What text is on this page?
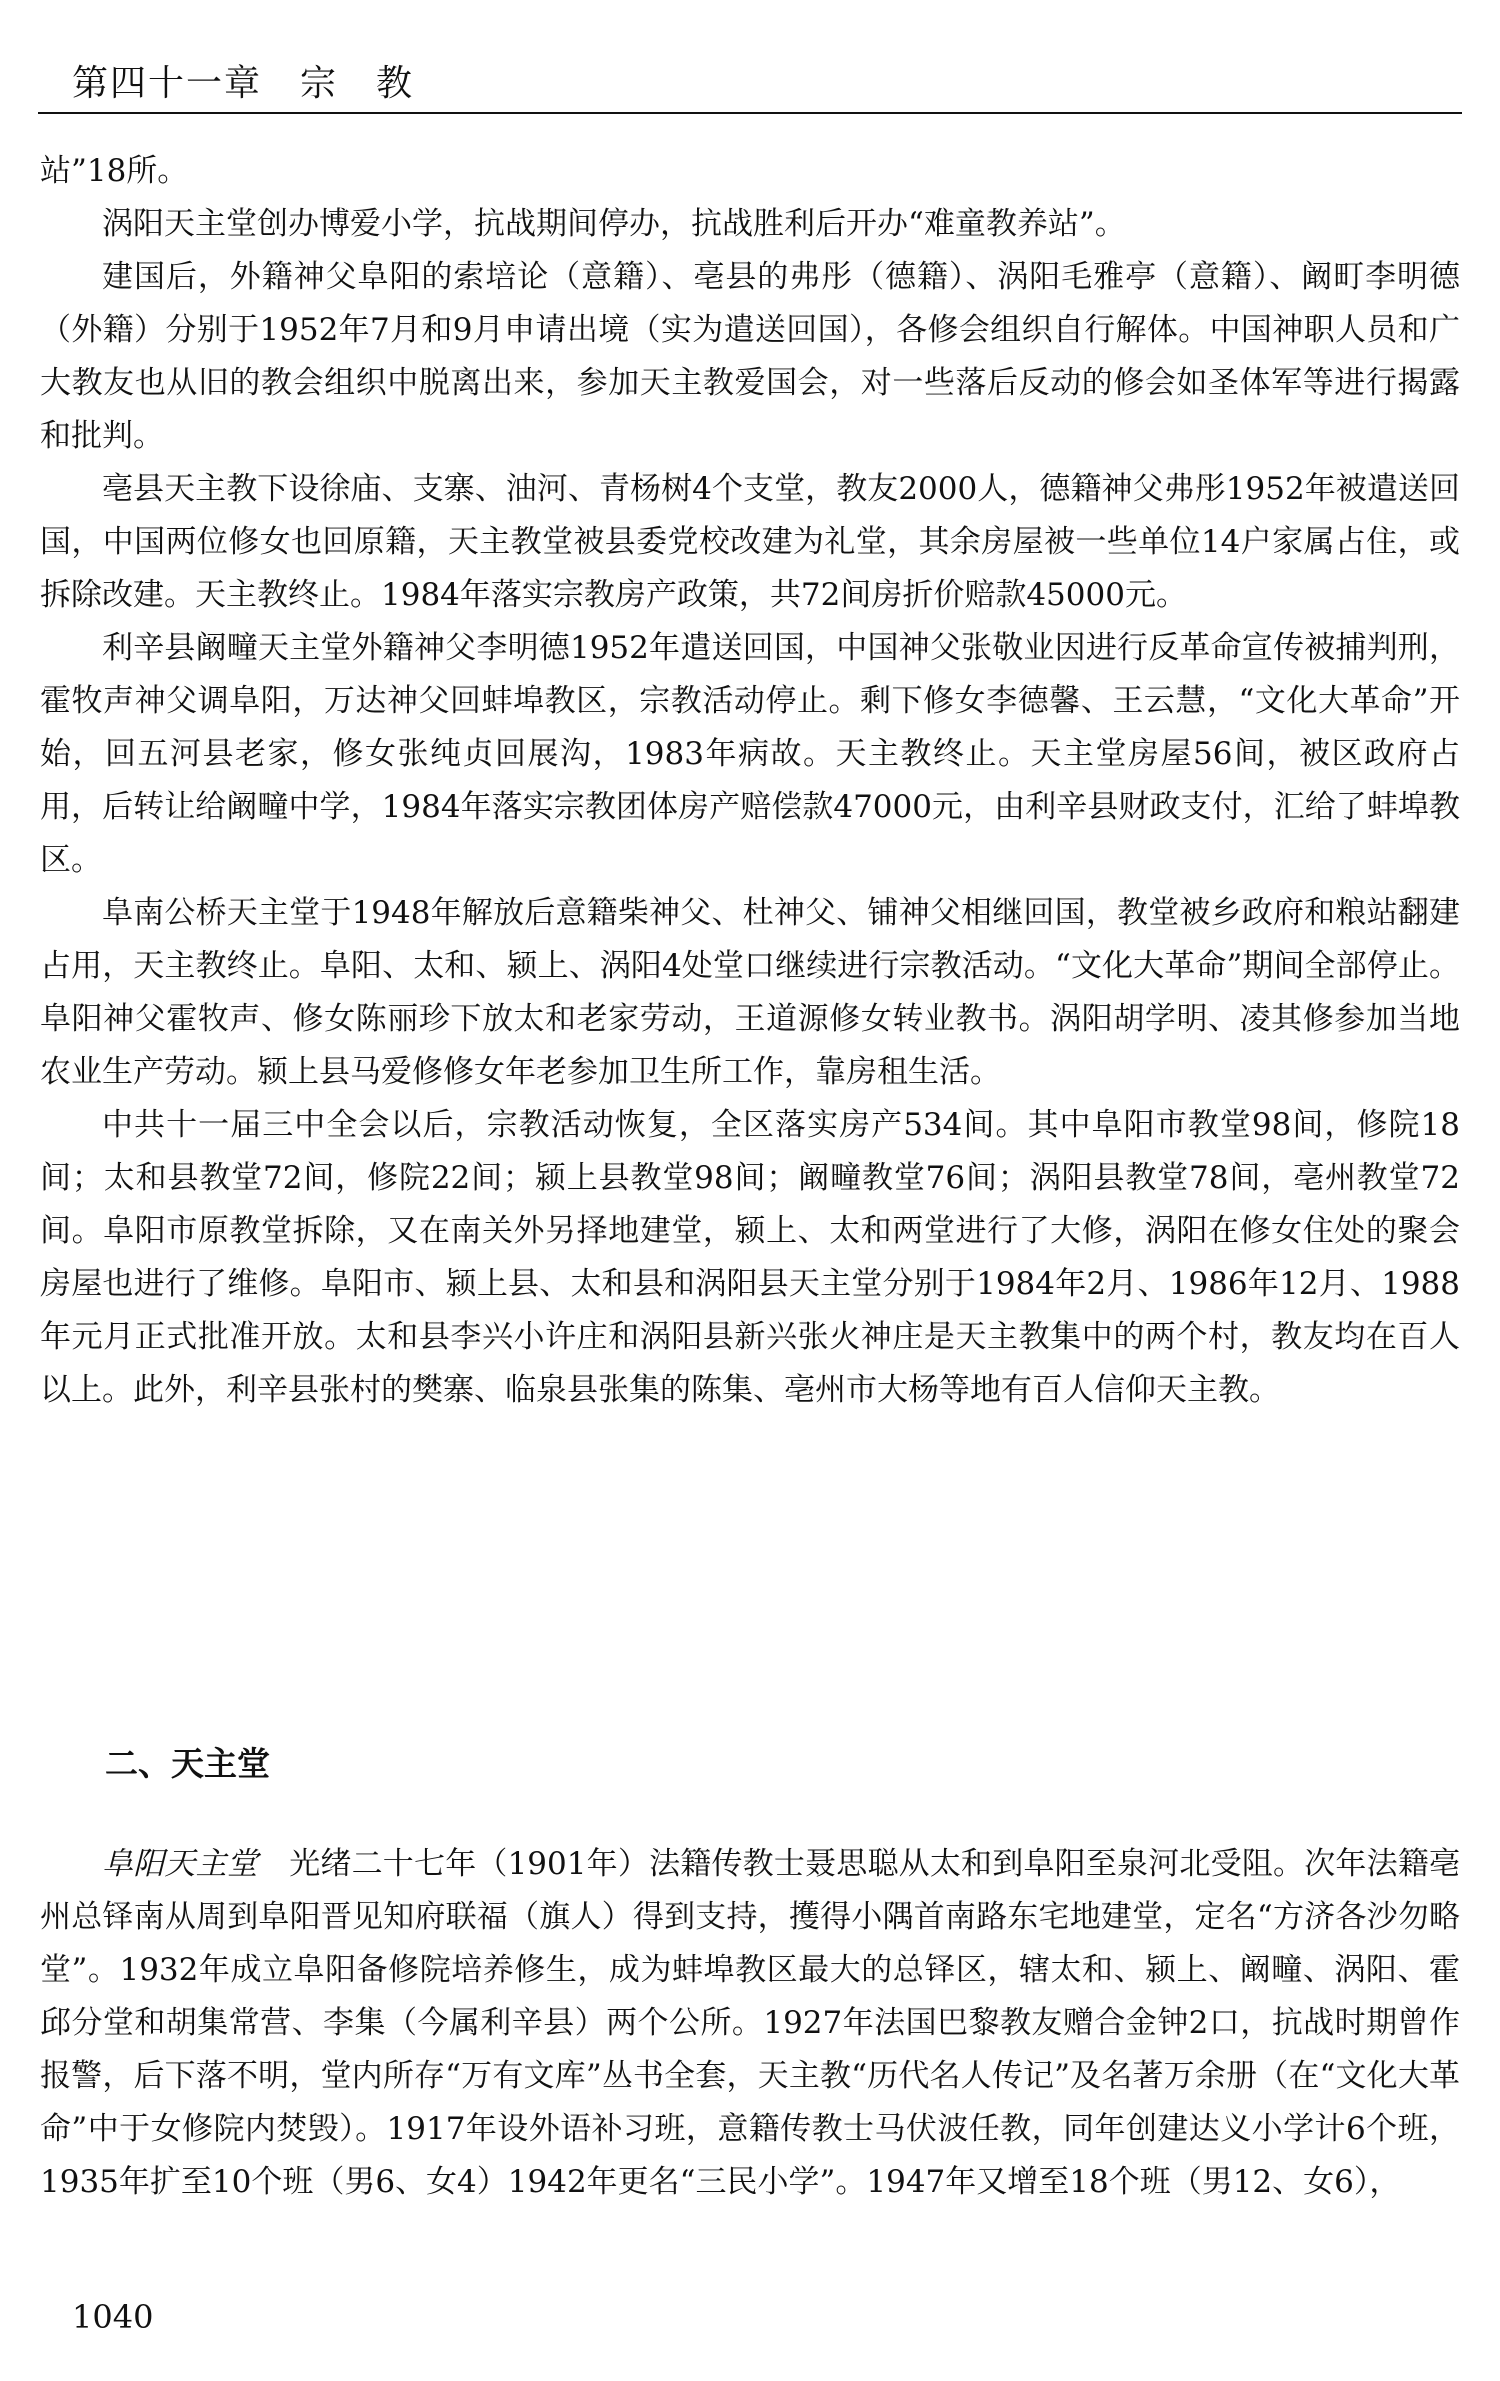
第四十一章　宗　教

站”18所。

涡阳天主堂创办博爱小学，抗战期间停办，抗战胜利后开办“难童教养站”。

建国后，外籍神父阜阳的索培论（意籍）、亳县的弗彤（德籍）、涡阳毛雅亭（意籍）、阚町李明德（外籍）分别于1952年7月和9月申请出境（实为遣送回国），各修会组织自行解体。中国神职人员和广大教友也从旧的教会组织中脱离出来，参加天主教爱国会，对一些落后反动的修会如圣体军等进行揭露和批判。

亳县天主教下设徐庙、支寨、油河、青杨树4个支堂，教友2000人，德籍神父弗彤1952年被遣送回国，中国两位修女也回原籍，天主教堂被县委党校改建为礼堂，其余房屋被一些单位14户家属占住，或拆除改建。天主教终止。1984年落实宗教房产政策，共72间房折价赔款45000元。

利辛县阚疃天主堂外籍神父李明德1952年遣送回国，中国神父张敬业因进行反革命宣传被捕判刑，霍牧声神父调阜阳，万达神父回蚌埠教区，宗教活动停止。剩下修女李德馨、王云慧，“文化大革命”开始，回五河县老家，修女张纯贞回展沟，1983年病故。天主教终止。天主堂房屋56间，被区政府占用，后转让给阚疃中学，1984年落实宗教团体房产赔偿款47000元，由利辛县财政支付，汇给了蚌埠教区。

阜南公桥天主堂于1948年解放后意籍柴神父、杜神父、铺神父相继回国，教堂被乡政府和粮站翻建占用，天主教终止。阜阳、太和、颍上、涡阳4处堂口继续进行宗教活动。“文化大革命”期间全部停止。阜阳神父霍牧声、修女陈丽珍下放太和老家劳动，王道源修女转业教书。涡阳胡学明、凌其修参加当地农业生产劳动。颍上县马爱修修女年老参加卫生所工作，靠房租生活。

中共十一届三中全会以后，宗教活动恢复，全区落实房产534间。其中阜阳市教堂98间，修院18间；太和县教堂72间，修院22间；颍上县教堂98间；阚疃教堂76间；涡阳县教堂78间，亳州教堂72间。阜阳市原教堂拆除，又在南关外另择地建堂，颍上、太和两堂进行了大修，涡阳在修女住处的聚会房屋也进行了维修。阜阳市、颍上县、太和县和涡阳县天主堂分别于1984年2月、1986年12月、1988年元月正式批准开放。太和县李兴小许庄和涡阳县新兴张火神庄是天主教集中的两个村，教友均在百人以上。此外，利辛县张村的樊寨、临泉县张集的陈集、亳州市大杨等地有百人信仰天主教。

二、天主堂

阜阳天主堂　 光绪二十七年（1901年）法籍传教士聂思聪从太和到阜阳至泉河北受阻。次年法籍亳州总铎南从周到阜阳晋见知府联福（旗人）得到支持，擭得小隅首南路东宅地建堂，定名“方济各沙勿略堂”。1932年成立阜阳备修院培养修生，成为蚌埠教区最大的总铎区，辖太和、颍上、阚疃、涡阳、霍邱分堂和胡集常营、李集（今属利辛县）两个公所。1927年法国巴黎教友赠合金钟2口，抗战时期曾作报警，后下落不明，堂内所存“万有文库”丛书全套，天主教“历代名人传记”及名著万余册（在“文化大革命”中于女修院内焚毁）。1917年设外语补习班，意籍传教士马伏波任教，同年创建达义小学计6个班，1935年扩至10个班（男6、女4）1942年更名“三民小学”。1947年又增至18个班（男12、女6），

1040
